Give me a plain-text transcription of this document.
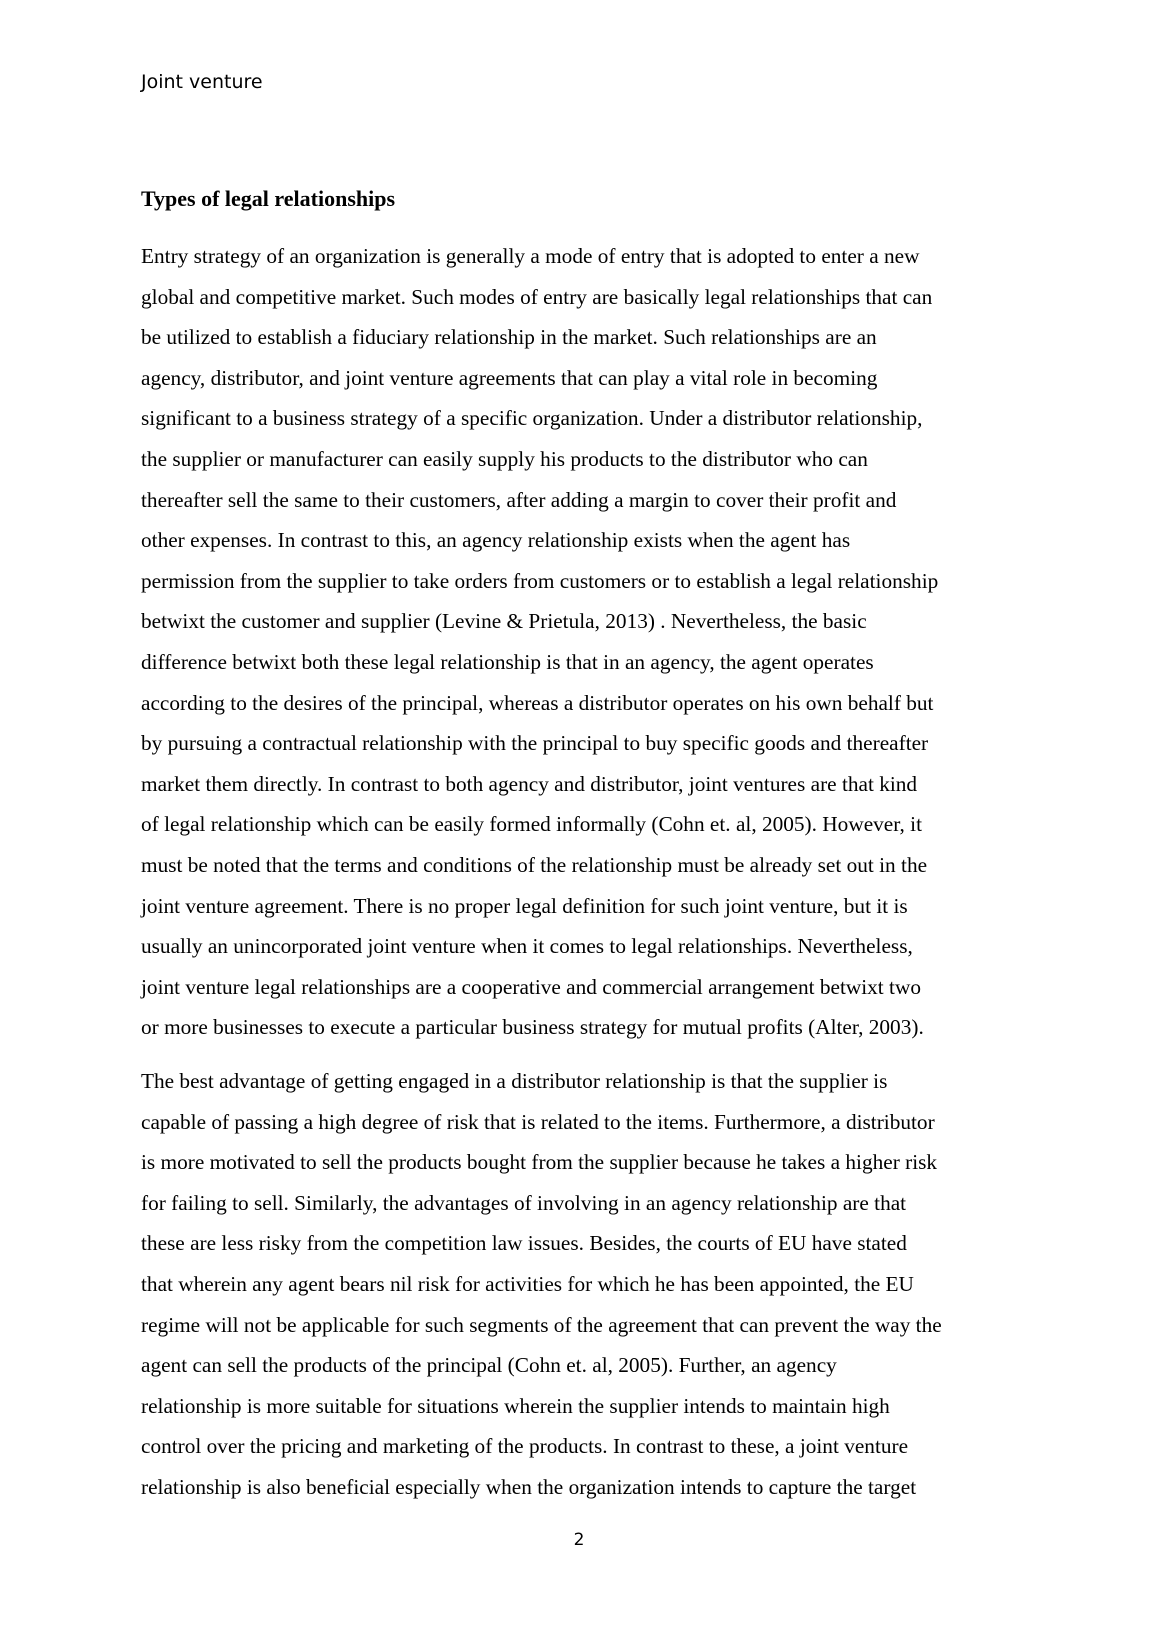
Joint venture
Types of legal relationships
Entry strategy of an organization is generally a mode of entry that is adopted to enter a new
global and competitive market. Such modes of entry are basically legal relationships that can
be utilized to establish a fiduciary relationship in the market. Such relationships are an
agency, distributor, and joint venture agreements that can play a vital role in becoming
significant to a business strategy of a specific organization. Under a distributor relationship,
the supplier or manufacturer can easily supply his products to the distributor who can
thereafter sell the same to their customers, after adding a margin to cover their profit and
other expenses. In contrast to this, an agency relationship exists when the agent has
permission from the supplier to take orders from customers or to establish a legal relationship
betwixt the customer and supplier (Levine & Prietula, 2013) . Nevertheless, the basic
difference betwixt both these legal relationship is that in an agency, the agent operates
according to the desires of the principal, whereas a distributor operates on his own behalf but
by pursuing a contractual relationship with the principal to buy specific goods and thereafter
market them directly. In contrast to both agency and distributor, joint ventures are that kind
of legal relationship which can be easily formed informally (Cohn et. al, 2005). However, it
must be noted that the terms and conditions of the relationship must be already set out in the
joint venture agreement. There is no proper legal definition for such joint venture, but it is
usually an unincorporated joint venture when it comes to legal relationships. Nevertheless,
joint venture legal relationships are a cooperative and commercial arrangement betwixt two
or more businesses to execute a particular business strategy for mutual profits (Alter, 2003).
The best advantage of getting engaged in a distributor relationship is that the supplier is
capable of passing a high degree of risk that is related to the items. Furthermore, a distributor
is more motivated to sell the products bought from the supplier because he takes a higher risk
for failing to sell. Similarly, the advantages of involving in an agency relationship are that
these are less risky from the competition law issues. Besides, the courts of EU have stated
that wherein any agent bears nil risk for activities for which he has been appointed, the EU
regime will not be applicable for such segments of the agreement that can prevent the way the
agent can sell the products of the principal (Cohn et. al, 2005). Further, an agency
relationship is more suitable for situations wherein the supplier intends to maintain high
control over the pricing and marketing of the products. In contrast to these, a joint venture
relationship is also beneficial especially when the organization intends to capture the target
2
